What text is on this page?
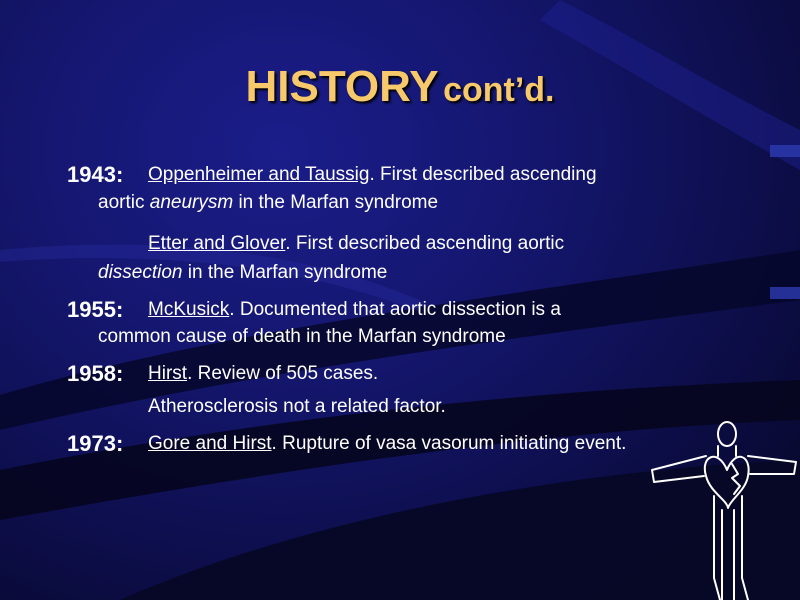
HISTORY cont’d.
1943: Oppenheimer and Taussig. First described ascending
aortic aneurysm in the Marfan syndrome
Etter and Glover. First described ascending aortic
dissection in the Marfan syndrome
1955: McKusick. Documented that aortic dissection is a
common cause of death in the Marfan syndrome
1958: Hirst. Review of 505 cases.
Atherosclerosis not a related factor.
1973: Gore and Hirst. Rupture of vasa vasorum initiating event.
